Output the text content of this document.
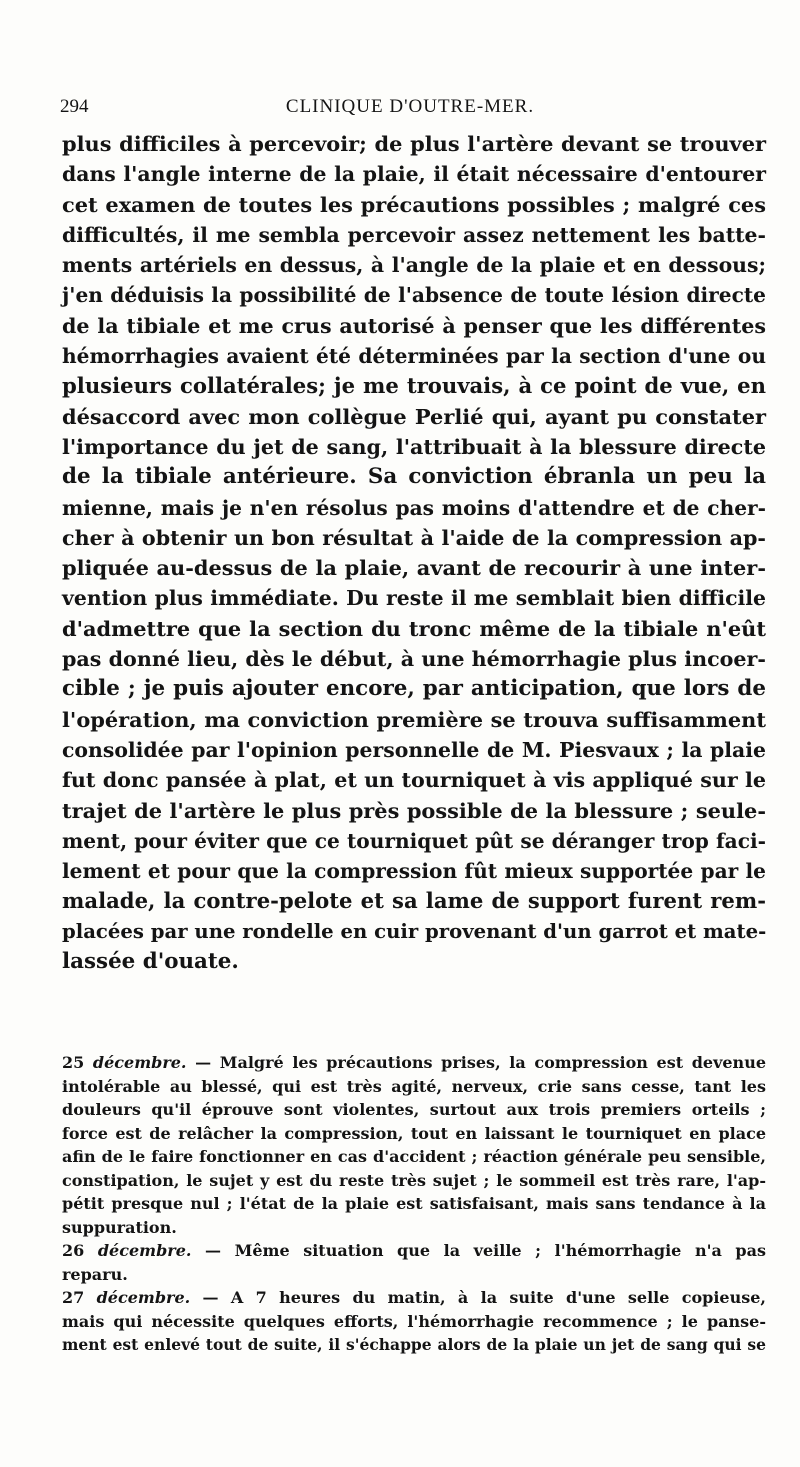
294	CLINIQUE D'OUTRE-MER.
plus difficiles à percevoir; de plus l'artère devant se trouver
dans l'angle interne de la plaie, il était nécessaire d'entourer
cet examen de toutes les précautions possibles ; malgré ces
difficultés, il me sembla percevoir assez nettement les batte-
ments artériels en dessus, à l'angle de la plaie et en dessous;
j'en déduisis la possibilité de l'absence de toute lésion directe
de la tibiale et me crus autorisé à penser que les différentes
hémorrhagies avaient été déterminées par la section d'une ou
plusieurs collatérales; je me trouvais, à ce point de vue, en
désaccord avec mon collègue Perlié qui, ayant pu constater
l'importance du jet de sang, l'attribuait à la blessure directe
de la tibiale antérieure. Sa conviction ébranla un peu la
mienne, mais je n'en résolus pas moins d'attendre et de cher-
cher à obtenir un bon résultat à l'aide de la compression ap-
pliquée au-dessus de la plaie, avant de recourir à une inter-
vention plus immédiate. Du reste il me semblait bien difficile
d'admettre que la section du tronc même de la tibiale n'eût
pas donné lieu, dès le début, à une hémorrhagie plus incoer-
cible ; je puis ajouter encore, par anticipation, que lors de
l'opération, ma conviction première se trouva suffisamment
consolidée par l'opinion personnelle de M. Piesvaux ; la plaie
fut donc pansée à plat, et un tourniquet à vis appliqué sur le
trajet de l'artère le plus près possible de la blessure ; seule-
ment, pour éviter que ce tourniquet pût se déranger trop faci-
lement et pour que la compression fût mieux supportée par le
malade, la contre-pelote et sa lame de support furent rem-
placées par une rondelle en cuir provenant d'un garrot et mate-
lassée d'ouate.
25 décembre. — Malgré les précautions prises, la compression est devenue
intolérable au blessé, qui est très agité, nerveux, crie sans cesse, tant les
douleurs qu'il éprouve sont violentes, surtout aux trois premiers orteils ;
force est de relâcher la compression, tout en laissant le tourniquet en place
afin de le faire fonctionner en cas d'accident ; réaction générale peu sensible,
constipation, le sujet y est du reste très sujet ; le sommeil est très rare, l'ap-
pétit presque nul ; l'état de la plaie est satisfaisant, mais sans tendance à la
suppuration.
26 décembre. — Même situation que la veille ; l'hémorrhagie n'a pas
reparu.
27 décembre. — A 7 heures du matin, à la suite d'une selle copieuse,
mais qui nécessite quelques efforts, l'hémorrhagie recommence ; le panse-
ment est enlevé tout de suite, il s'échappe alors de la plaie un jet de sang qui se
